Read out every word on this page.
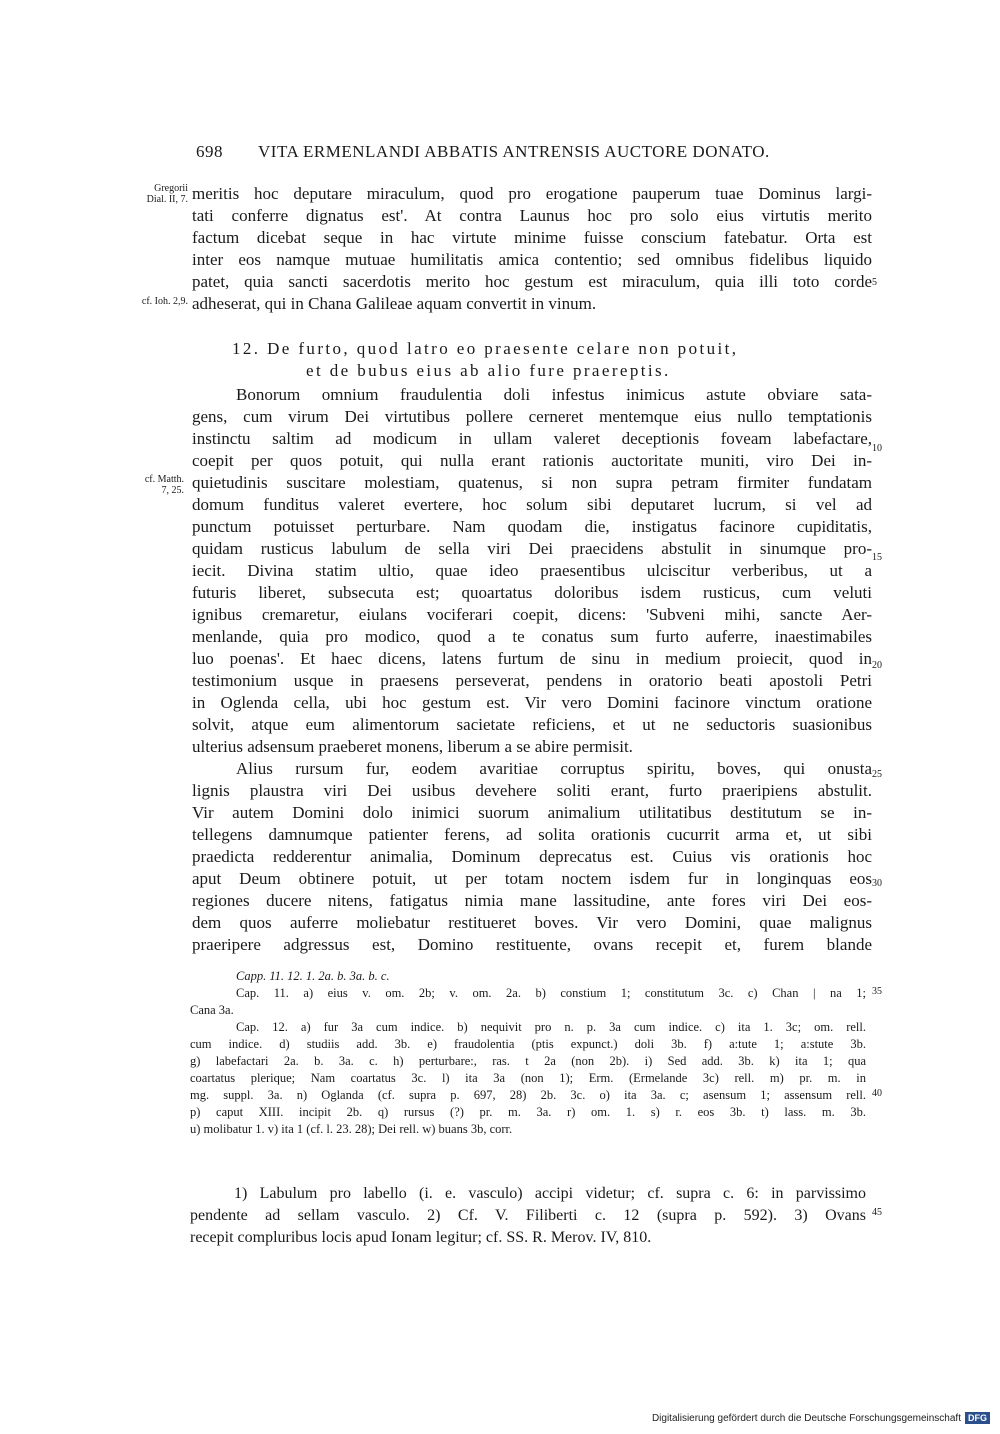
698 VITA ERMENLANDI ABBATIS ANTRENSIS AUCTORE DONATO.
Gregorii
Dial. II, 7.
cf. Ioh. 2,9.
cf. Matth.
7, 25.
5
10
15
20
25
30
35
40
45
meritis hoc deputare miraculum, quod pro erogatione pauperum tuae Dominus largi-
tati conferre dignatus est'. At contra Launus hoc pro solo eius virtutis merito
factum dicebat seque in hac virtute minime fuisse conscium fatebatur. Orta est
inter eos namque mutuae humilitatis amica contentio; sed omnibus fidelibus liquido
patet, quia sancti sacerdotis merito hoc gestum est miraculum, quia illi toto corde
adheserat, qui in Chana Galileae aquam convertit in vinum.
12. De furto, quod latro eo praesente celare non potuit,
et de bubus eius ab alio fure praereptis.
Bonorum omnium fraudulentia doli infestus inimicus astute obviare sata-
gens, cum virum Dei virtutibus pollere cerneret mentemque eius nullo temptationis
instinctu saltim ad modicum in ullam valeret deceptionis foveam labefactare,
coepit per quos potuit, qui nulla erant rationis auctoritate muniti, viro Dei in-
quietudinis suscitare molestiam, quatenus, si non supra petram firmiter fundatam
domum funditus valeret evertere, hoc solum sibi deputaret lucrum, si vel ad
punctum potuisset perturbare. Nam quodam die, instigatus facinore cupiditatis,
quidam rusticus labulum de sella viri Dei praecidens abstulit in sinumque pro-
iecit. Divina statim ultio, quae ideo praesentibus ulciscitur verberibus, ut a
futuris liberet, subsecuta est; quoartatus doloribus isdem rusticus, cum veluti
ignibus cremaretur, eiulans vociferari coepit, dicens: 'Subveni mihi, sancte Aer-
menlande, quia pro modico, quod a te conatus sum furto auferre, inaestimabiles
luo poenas'. Et haec dicens, latens furtum de sinu in medium proiecit, quod in
testimonium usque in praesens perseverat, pendens in oratorio beati apostoli Petri
in Oglenda cella, ubi hoc gestum est. Vir vero Domini facinore vinctum oratione
solvit, atque eum alimentorum sacietate reficiens, et ut ne seductoris suasionibus
ulterius adsensum praeberet monens, liberum a se abire permisit.
Alius rursum fur, eodem avaritiae corruptus spiritu, boves, qui onusta
lignis plaustra viri Dei usibus devehere soliti erant, furto praeripiens abstulit.
Vir autem Domini dolo inimici suorum animalium utilitatibus destitutum se in-
tellegens damnumque patienter ferens, ad solita orationis cucurrit arma et, ut sibi
praedicta redderentur animalia, Dominum deprecatus est. Cuius vis orationis hoc
aput Deum obtinere potuit, ut per totam noctem isdem fur in longinquas eos
regiones ducere nitens, fatigatus nimia mane lassitudine, ante fores viri Dei eos-
dem quos auferre moliebatur restitueret boves. Vir vero Domini, quae malignus
praeripere adgressus est, Domino restituente, ovans recepit et, furem blande
Capp. 11. 12. 1. 2a. b. 3a. b. c.
Cap. 11. a) eius v. om. 2b; v. om. 2a. b) constium 1; constitutum 3c. c) Chan | na 1;
Cana 3a.
Cap. 12. a) fur 3a cum indice. b) nequivit pro n. p. 3a cum indice. c) ita 1. 3c; om. rell.
cum indice. d) studiis add. 3b. e) fraudolentia (ptis expunct.) doli 3b. f) a:tute 1; a:stute 3b.
g) labefactari 2a. b. 3a. c. h) perturbare:, ras. t 2a (non 2b). i) Sed add. 3b. k) ita 1; qua
coartatus plerique; Nam coartatus 3c. l) ita 3a (non 1); Erm. (Ermelande 3c) rell. m) pr. m. in
mg. suppl. 3a. n) Oglanda (cf. supra p. 697, 28) 2b. 3c. o) ita 3a. c; asensum 1; assensum rell.
p) caput XIII. incipit 2b. q) rursus (?) pr. m. 3a. r) om. 1. s) r. eos 3b. t) lass. m. 3b.
u) molibatur 1. v) ita 1 (cf. l. 23. 28); Dei rell. w) buans 3b, corr.
1) Labulum pro labello (i. e. vasculo) accipi videtur; cf. supra c. 6: in parvissimo
pendente ad sellam vasculo. 2) Cf. V. Filiberti c. 12 (supra p. 592). 3) Ovans
recepit compluribus locis apud Ionam legitur; cf. SS. R. Merov. IV, 810.
Digitalisierung gefördert durch die Deutsche Forschungsgemeinschaft DFG
